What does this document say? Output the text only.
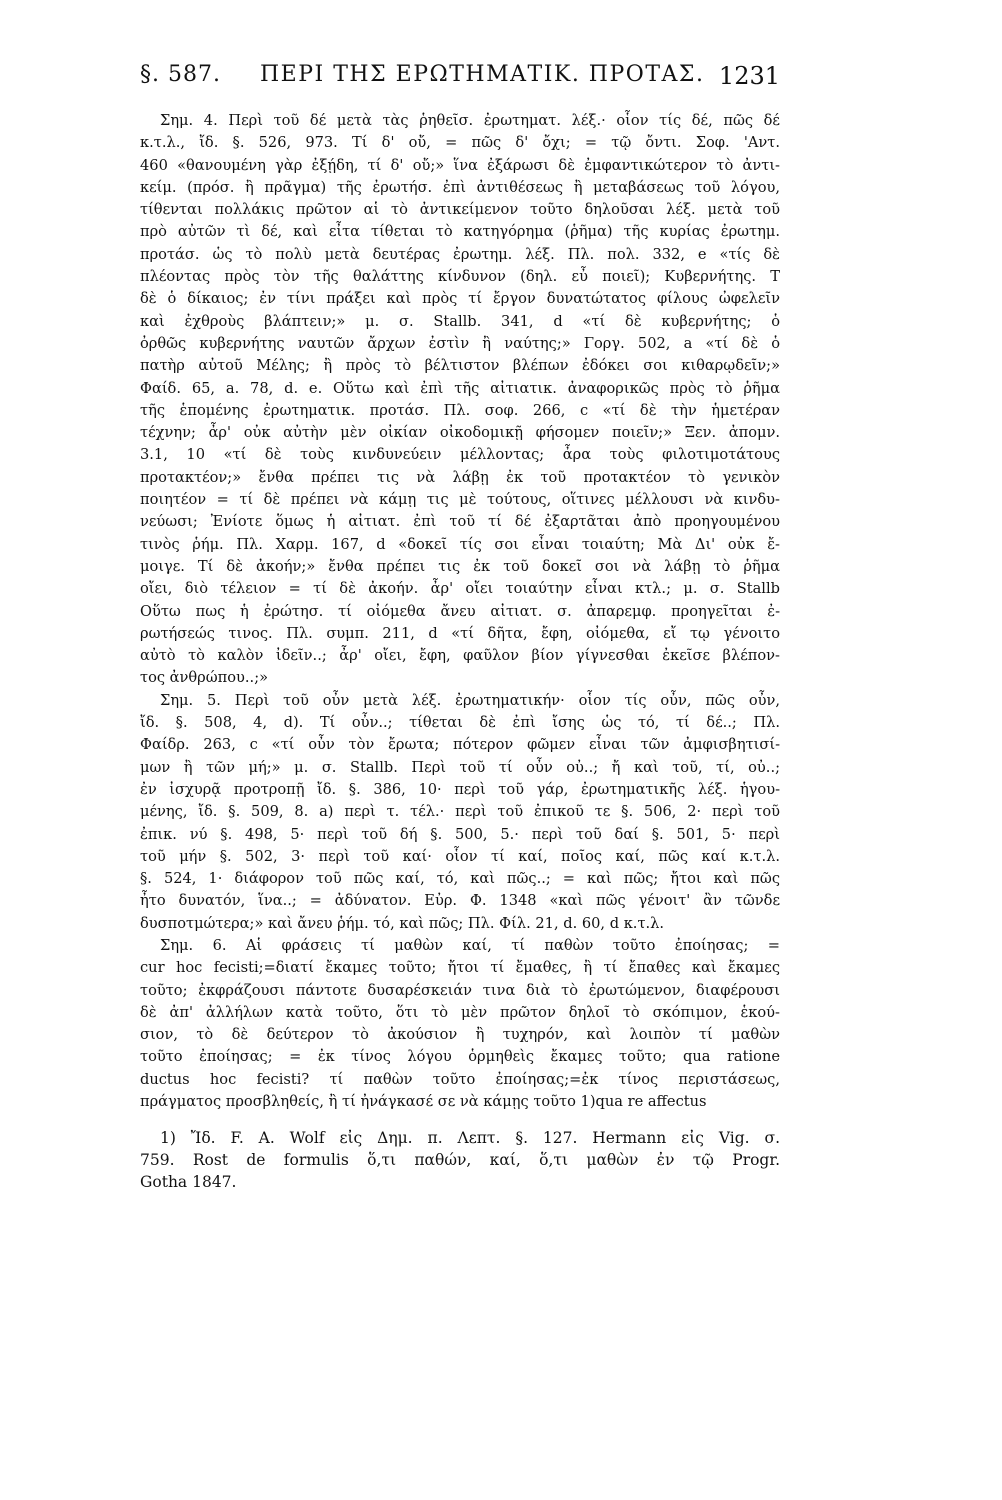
§. 587. ΠΕΡΙ ΤΗΣ ΕΡΩΤΗΜΑΤΙΚ. ΠΡΟΤΑΣ. 1231
Σημ. 4. Περὶ τοῦ δέ μετὰ τὰς ῥηθεῖσ. ἐρωτηματ. λέξ.· οἷον τίς δέ, πῶς δέ
κ.τ.λ., ἴδ. §. 526, 973. Τί δ' οὔ, = πῶς δ' ὄχι; = τῷ ὄντι. Σοφ. 'Αντ.
460 «θανουμένη γὰρ ἐξῄδη, τί δ' οὔ;» ἵνα ἐξάρωσι δὲ ἐμφαντικώτερον τὸ ἀντι-
κείμ. (πρόσ. ἢ πρᾶγμα) τῆς ἐρωτήσ. ἐπὶ ἀντιθέσεως ἢ μεταβάσεως τοῦ λόγου,
τίθενται πολλάκις πρῶτον αἱ τὸ ἀντικείμενον τοῦτο δηλοῦσαι λέξ. μετὰ τοῦ
πρὸ αὐτῶν τὶ δέ, καὶ εἶτα τίθεται τὸ κατηγόρημα (ῥῆμα) τῆς κυρίας ἐρωτημ.
προτάσ. ὡς τὸ πολὺ μετὰ δευτέρας ἐρωτημ. λέξ. Πλ. πολ. 332, e «τίς δὲ
πλέοντας πρὸς τὸν τῆς θαλάττης κίνδυνον (δηλ. εὖ ποιεῖ); Κυβερνήτης. Τ
δὲ ὁ δίκαιος; ἐν τίνι πράξει καὶ πρὸς τί ἔργον δυνατώτατος φίλους ὠφελεῖν
καὶ ἐχθροὺς βλάπτειν;» μ. σ. Stallb. 341, d «τί δὲ κυβερνήτης; ὁ
ὀρθῶς κυβερνήτης ναυτῶν ἄρχων ἐστὶν ἢ ναύτης;» Γοργ. 502, a «τί δὲ ὁ
πατὴρ αὐτοῦ Μέλης; ἢ πρὸς τὸ βέλτιστον βλέπων ἐδόκει σοι κιθαρῳδεῖν;»
Φαίδ. 65, a. 78, d. e. Οὕτω καὶ ἐπὶ τῆς αἰτιατικ. ἀναφορικῶς πρὸς τὸ ῥῆμα
τῆς ἑπομένης ἐρωτηματικ. προτάσ. Πλ. σοφ. 266, c «τί δὲ τὴν ἡμετέραν
τέχνην; ἆρ' οὐκ αὐτὴν μὲν οἰκίαν οἰκοδομικῇ φήσομεν ποιεῖν;» Ξεν. ἀπομν.
3.1, 10 «τί δὲ τοὺς κινδυνεύειν μέλλοντας; ἆρα τοὺς φιλοτιμοτάτους
προτακτέον;» ἔνθα πρέπει τις νὰ λάβῃ ἐκ τοῦ προτακτέον τὸ γενικὸν
ποιητέον = τί δὲ πρέπει νὰ κάμῃ τις μὲ τούτους, οἵτινες μέλλουσι νὰ κινδυ-
νεύωσι; Ἐνίοτε ὅμως ἡ αἰτιατ. ἐπὶ τοῦ τί δέ ἐξαρτᾶται ἀπὸ προηγουμένου
τινὸς ῥήμ. Πλ. Χαρμ. 167, d «δοκεῖ τίς σοι εἶναι τοιαύτη; Μὰ Δι' οὐκ ἔ-
μοιγε. Τί δὲ ἀκοήν;» ἔνθα πρέπει τις ἐκ τοῦ δοκεῖ σοι νὰ λάβῃ τὸ ῥῆμα
οἴει, διὸ τέλειον = τί δὲ ἀκοήν. ἆρ' οἴει τοιαύτην εἶναι κτλ.; μ. σ. Stallb
Οὕτω πως ἡ ἐρώτησ. τί οἰόμεθα ἄνευ αἰτιατ. σ. ἀπαρεμφ. προηγεῖται ἐ-
ρωτήσεώς τινος. Πλ. συμπ. 211, d «τί δῆτα, ἔφη, οἰόμεθα, εἴ τῳ γένοιτο
αὐτὸ τὸ καλὸν ἰδεῖν..; ἆρ' οἴει, ἔφη, φαῦλον βίον γίγνεσθαι ἐκεῖσε βλέπον-
τος ἀνθρώπου..;»
Σημ. 5. Περὶ τοῦ οὖν μετὰ λέξ. ἐρωτηματικήν· οἷον τίς οὖν, πῶς οὖν,
ἴδ. §. 508, 4, d). Τί οὖν..; τίθεται δὲ ἐπὶ ἴσης ὡς τό, τί δέ..; Πλ.
Φαίδρ. 263, c «τί οὖν τὸν ἔρωτα; πότερον φῶμεν εἶναι τῶν ἀμφισβητισί-
μων ἢ τῶν μή;» μ. σ. Stallb. Περὶ τοῦ τί οὖν οὐ..; ἤ καὶ τοῦ, τί, οὐ..;
ἐν ἰσχυρᾷ προτροπῇ ἴδ. §. 386, 10· περὶ τοῦ γάρ, ἐρωτηματικῆς λέξ. ἡγου-
μένης, ἴδ. §. 509, 8. a) περὶ τ. τέλ.· περὶ τοῦ ἐπικοῦ τε §. 506, 2· περὶ τοῦ
ἐπικ. νύ §. 498, 5· περὶ τοῦ δή §. 500, 5.· περὶ τοῦ δαί §. 501, 5· περὶ
τοῦ μήν §. 502, 3· περὶ τοῦ καί· οἷον τί καί, ποῖος καί, πῶς καί κ.τ.λ.
§. 524, 1· διάφορον τοῦ πῶς καί, τό, καὶ πῶς..; = καὶ πῶς; ἤτοι καὶ πῶς
ἦτο δυνατόν, ἵνα..; = ἀδύνατον. Εὐρ. Φ. 1348 «καὶ πῶς γένοιτ' ἂν τῶνδε
δυσποτμώτερα;» καὶ ἄνευ ῥήμ. τό, καὶ πῶς; Πλ. Φίλ. 21, d. 60, d κ.τ.λ.
Σημ. 6. Αἱ φράσεις τί μαθὼν καί, τί παθὼν τοῦτο ἐποίησας; =
cur hoc fecisti;=διατί ἔκαμες τοῦτο; ἤτοι τί ἔμαθες, ἢ τί ἔπαθες καὶ ἔκαμες
τοῦτο; ἐκφράζουσι πάντοτε δυσαρέσκειάν τινα διὰ τὸ ἐρωτώμενον, διαφέρουσι
δὲ ἀπ' ἀλλήλων κατὰ τοῦτο, ὅτι τὸ μὲν πρῶτον δηλοῖ τὸ σκόπιμον, ἑκού-
σιον, τὸ δὲ δεύτερον τὸ ἀκούσιον ἢ τυχηρόν, καὶ λοιπὸν τί μαθὼν
τοῦτο ἐποίησας; = ἐκ τίνος λόγου ὁρμηθεὶς ἔκαμες τοῦτο; qua ratione
ductus hoc fecisti? τί παθὼν τοῦτο ἐποίησας;=ἐκ τίνος περιστάσεως,
πράγματος προσβληθείς, ἢ τί ἠνάγκασέ σε νὰ κάμῃς τοῦτο 1)qua re affectus
1) Ἴδ. F. A. Wolf εἰς Δημ. π. Λεπτ. §. 127. Hermann εἰς Vig. σ.
759. Rost de formulis ὅ,τι παθών, καί, ὅ,τι μαθὼν ἐν τῷ Progr.
Gotha 1847.
